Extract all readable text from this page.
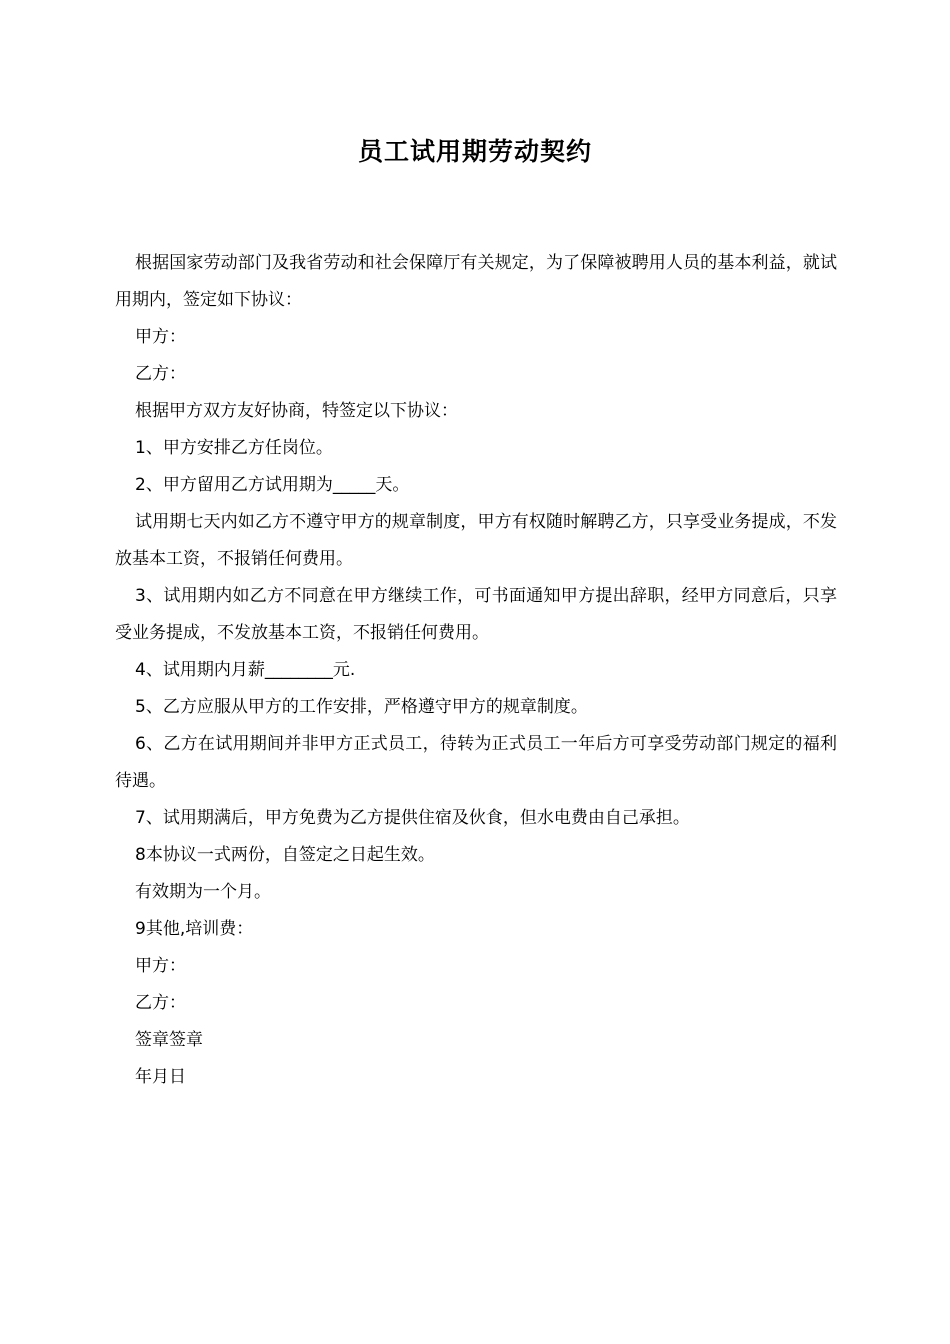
员工试用期劳动契约

根据国家劳动部门及我省劳动和社会保障厅有关规定，为了保障被聘用人员的基本利益，就试用期内，签定如下协议：

甲方：

乙方：

根据甲方双方友好协商，特签定以下协议：

1、甲方安排乙方任岗位。

2、甲方留用乙方试用期为_____天。

试用期七天内如乙方不遵守甲方的规章制度，甲方有权随时解聘乙方，只享受业务提成，不发放基本工资，不报销任何费用。

3、试用期内如乙方不同意在甲方继续工作，可书面通知甲方提出辞职，经甲方同意后，只享受业务提成，不发放基本工资，不报销任何费用。

4、试用期内月薪________元.

5、乙方应服从甲方的工作安排，严格遵守甲方的规章制度。

6、乙方在试用期间并非甲方正式员工，待转为正式员工一年后方可享受劳动部门规定的福利待遇。

7、试用期满后，甲方免费为乙方提供住宿及伙食，但水电费由自己承担。

8本协议一式两份，自签定之日起生效。

有效期为一个月。

9其他,培训费：

甲方：

乙方：

签章签章

年月日
